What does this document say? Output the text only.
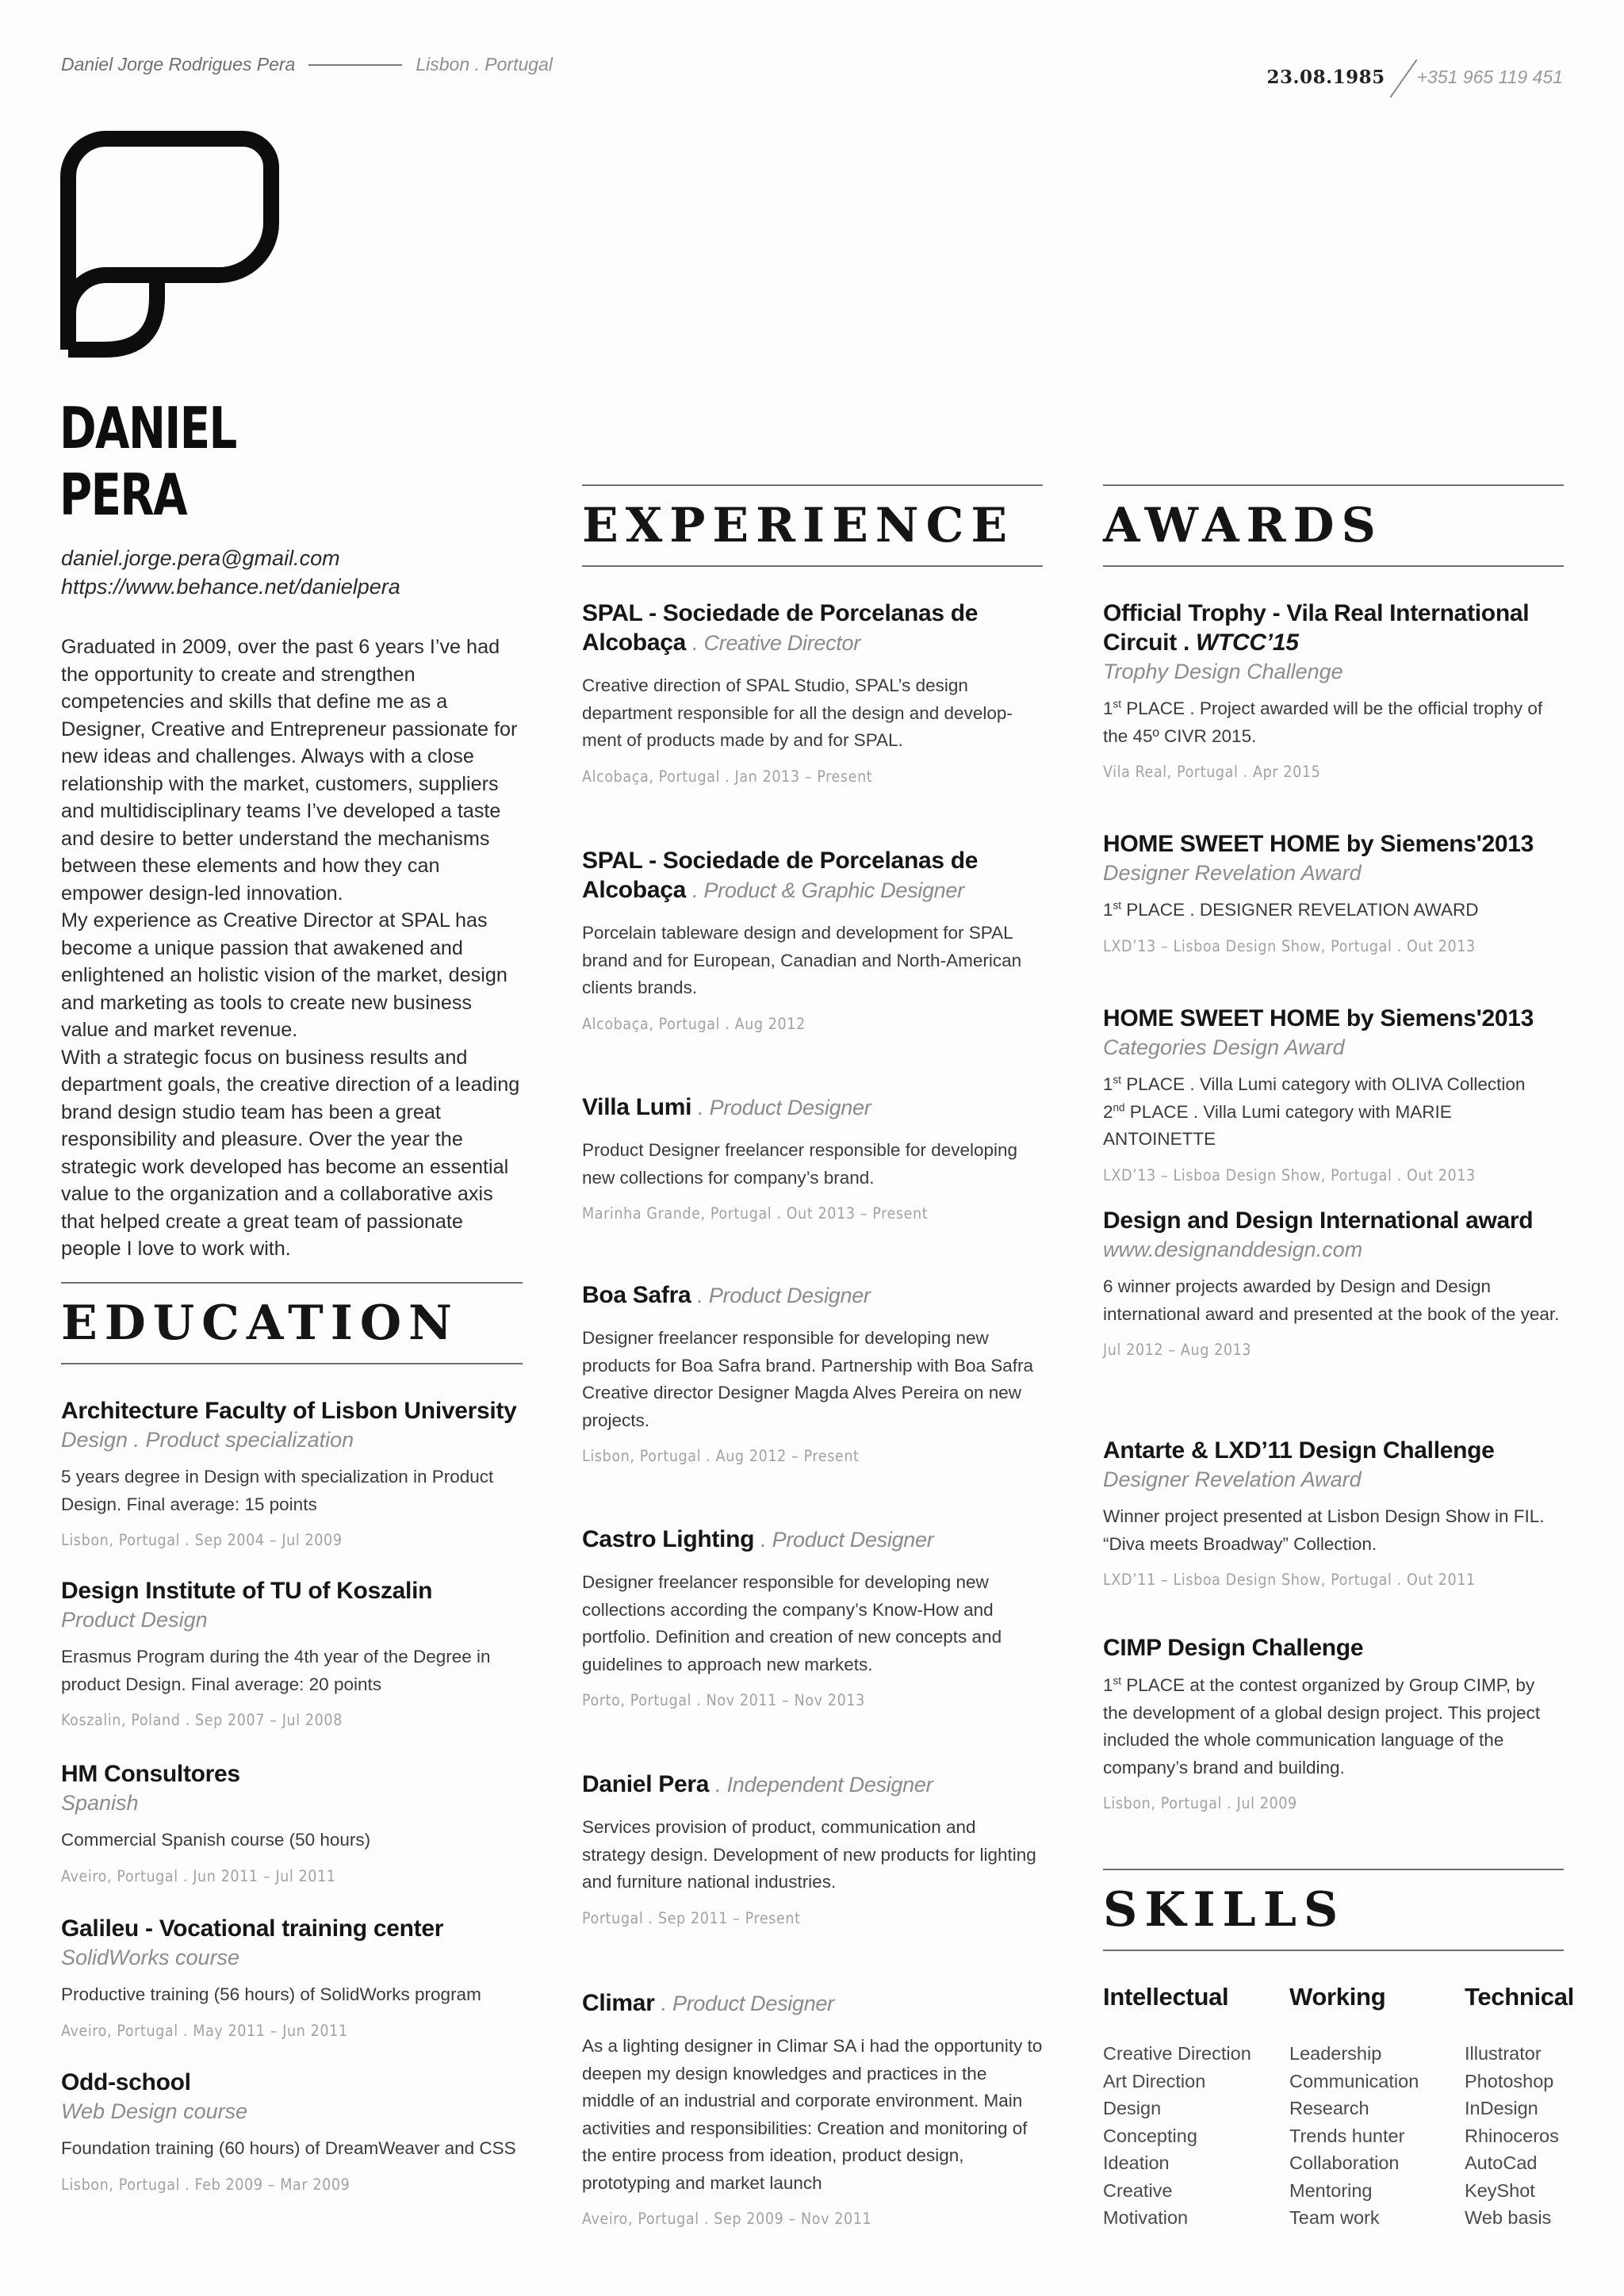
Daniel Jorge Rodrigues Pera	Lisbon . Portugal
23.08.1985 +351 965 119 451
DANIEL
PERA
daniel.jorge.pera@gmail.com
https://www.behance.net/danielpera

Graduated in 2009, over the past 6 years I’ve had the opportunity to create and strengthen competencies and skills that define me as a Designer, Creative and Entrepreneur passionate for new ideas and challenges. Always with a close relationship with the market, customers, suppliers and multidisciplinary teams I’ve developed a taste and desire to better understand the mechanisms between these elements and how they can empower design-led innovation.

My experience as Creative Director at SPAL has become a unique passion that awakened and enlightened an holistic vision of the market, design and marketing as tools to create new business value and market revenue.

With a strategic focus on business results and department goals, the creative direction of a leading brand design studio team has been a great responsibility and pleasure. Over the year the strategic work developed has become an essential value to the organization and a collaborative axis that helped create a great team of passionate people I love to work with.

EDUCATION
Architecture Faculty of Lisbon University
Design . Product specialization
5 years degree in Design with specialization in Product Design. Final average: 15 points
Lisbon, Portugal . Sep 2004 – Jul 2009
Design Institute of TU of Koszalin
Product Design
Erasmus Program during the 4th year of the Degree in product Design. Final average: 20 points
Koszalin, Poland . Sep 2007 – Jul 2008
HM Consultores
Spanish
Commercial Spanish course (50 hours)
Aveiro, Portugal . Jun 2011 – Jul 2011
Galileu - Vocational training center
SolidWorks course
Productive training (56 hours) of SolidWorks program
Aveiro, Portugal . May 2011 – Jun 2011
Odd-school
Web Design course
Foundation training (60 hours) of DreamWeaver and CSS
Lisbon, Portugal . Feb 2009 – Mar 2009
EXPERIENCE
SPAL - Sociedade de Porcelanas de Alcobaça . Creative Director
Creative direction of SPAL Studio, SPAL’s design department responsible for all the design and develop-ment of products made by and for SPAL.
Alcobaça, Portugal . Jan 2013 – Present
SPAL - Sociedade de Porcelanas de Alcobaça . Product & Graphic Designer
Porcelain tableware design and development for SPAL brand and for European, Canadian and North-American clients brands.
Alcobaça, Portugal . Aug 2012
Villa Lumi . Product Designer
Product Designer freelancer responsible for developing new collections for company’s brand.
Marinha Grande, Portugal . Out 2013 – Present
Boa Safra . Product Designer
Designer freelancer responsible for developing new products for Boa Safra brand. Partnership with Boa Safra Creative director Designer Magda Alves Pereira on new projects.
Lisbon, Portugal . Aug 2012 – Present
Castro Lighting . Product Designer
Designer freelancer responsible for developing new collections according the company’s Know-How and portfolio. Definition and creation of new concepts and guidelines to approach new markets.
Porto, Portugal . Nov 2011 – Nov 2013
Daniel Pera . Independent Designer
Services provision of product, communication and strategy design. Development of new products for lighting and furniture national industries.
Portugal . Sep 2011 – Present
Climar . Product Designer
As a lighting designer in Climar SA i had the opportunity to deepen my design knowledges and practices in the middle of an industrial and corporate environment. Main activities and responsibilities: Creation and monitoring of the entire process from ideation, product design, prototyping and market launch
Aveiro, Portugal . Sep 2009 – Nov 2011
AWARDS
Official Trophy - Vila Real International Circuit . WTCC’15
Trophy Design Challenge
1st PLACE . Project awarded will be the official trophy of the 45º CIVR 2015.
Vila Real, Portugal . Apr 2015
HOME SWEET HOME by Siemens'2013
Designer Revelation Award
1st PLACE . DESIGNER REVELATION AWARD
LXD’13 – Lisboa Design Show, Portugal . Out 2013
HOME SWEET HOME by Siemens'2013
Categories Design Award
1st PLACE . Villa Lumi category with OLIVA Collection
2nd PLACE . Villa Lumi category with MARIE ANTOINETTE
LXD’13 – Lisboa Design Show, Portugal . Out 2013
Design and Design International award
www.designanddesign.com
6 winner projects awarded by Design and Design international award and presented at the book of the year.
Jul 2012 – Aug 2013
Antarte & LXD’11 Design Challenge
Designer Revelation Award
Winner project presented at Lisbon Design Show in FIL. “Diva meets Broadway” Collection.
LXD’11 – Lisboa Design Show, Portugal . Out 2011
CIMP Design Challenge
1st PLACE at the contest organized by Group CIMP, by the development of a global design project. This project included the whole communication language of the company’s brand and building.
Lisbon, Portugal . Jul 2009
SKILLS
Intellectual
Creative Direction
Art Direction
Design
Concepting
Ideation
Creative
Motivation
Working
Leadership
Communication
Research
Trends hunter
Collaboration
Mentoring
Team work
Technical
Illustrator
Photoshop
InDesign
Rhinoceros
AutoCad
KeyShot
Web basis
